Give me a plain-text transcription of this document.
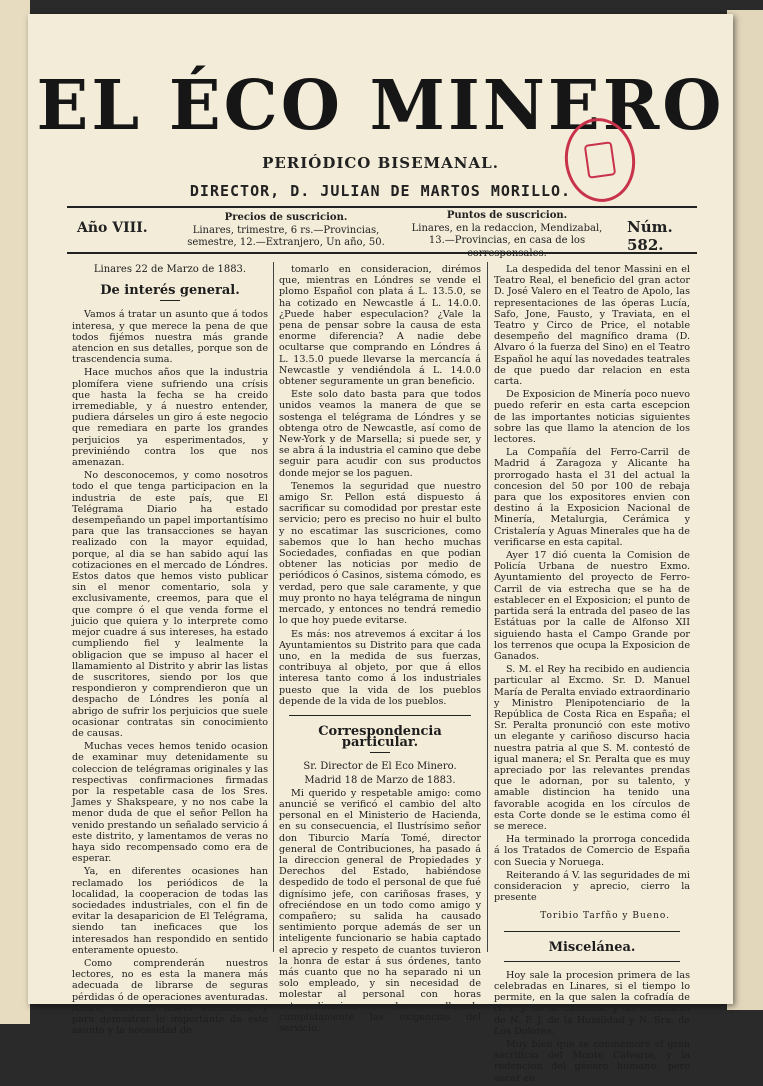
EL ÉCO MINERO
PERIÓDICO BISEMANAL.
DIRECTOR, D. JULIAN DE MARTOS MORILLO.
Año VIII.
Precios de suscricion.
Linares, trimestre, 6 rs.—Provincias, semestre, 12.—Extranjero, Un año, 50.
Puntos de suscricion.
Linares, en la redaccion, Mendizabal, 13.—Provincias, en casa de los corresponsales.
Núm. 582.

Linares 22 de Marzo de 1883.

De interés general.

Vamos á tratar un asunto que á todos interesa, y que merece la pena de que todos fijémos nuestra más grande atencion en sus detalles, porque son de trascendencia suma.

Hace muchos años que la industria plomífera viene sufriendo una crísis que hasta la fecha se ha creido irremediable, y á nuestro entender, pudiera dárseles un giro á este negocio que remediara en parte los grandes perjuicios ya esperimentados, y previniéndo contra los que nos amenazan.

No desconocemos, y como nosotros todo el que tenga participacion en la industria de este país, que El Telégrama Diario ha estado desempeñando un papel importantísimo para que las transacciones se hayan realizado con la mayor equidad, porque, al dia se han sabido aquí las cotizaciones en el mercado de Lóndres. Estos datos que hemos visto publicar sin el menor comentario, sola y exclusivamente, creemos, para que el que compre ó el que venda forme el juicio que quiera y lo interprete como mejor cuadre á sus intereses, ha estado cumpliendo fiel y lealmente la obligacion que se impuso al hacer el llamamiento al Distrito y abrir las listas de suscritores, siendo por los que respondieron y comprendieron que un despacho de Lóndres les ponía al abrigo de sufrir los perjuicios que suele ocasionar contratas sin conocimiento de causas.

Muchas veces hemos tenido ocasion de examinar muy detenidamente su coleccion de telégramas originales y las respectivas confirmaciones firmadas por la respetable casa de los Sres. James y Shakspeare, y no nos cabe la menor duda de que el señor Pellon ha venido prestando un señalado servicio á este distrito, y lamentamos de veras no haya sido recompensado como era de esperar.

Ya, en diferentes ocasiones han reclamado los periódicos de la localidad, la cooperacion de todas las sociedades industriales, con el fin de evitar la desaparicion de El Telégrama, siendo tan ineficaces que los interesados han respondido en sentido enteramente opuesto.

Como comprenderán nuestros lectores, no es esta la manera más adecuada de librarse de seguras pérdidas ó de operaciones aventuradas. Ahora, hacemos nueva escitacion, y para demostrar lo importante de este asunto y la necesidad de

tomarlo en consideracion, dirémos que, mientras en Lóndres se vende el plomo Español con plata á L. 13.5.0, se ha cotizado en Newcastle á L. 14.0.0. ¿Puede haber especulacion? ¿Vale la pena de pensar sobre la causa de esta enorme diferencia? A nadie debe ocultarse que comprando en Lóndres á L. 13.5.0 puede llevarse la mercancía á Newcastle y vendiéndola á L. 14.0.0 obtener seguramente un gran beneficio.

Este solo dato basta para que todos unidos veamos la manera de que se sostenga el telégrama de Lóndres y se obtenga otro de Newcastle, así como de New-York y de Marsella; si puede ser, y se abra á la industria el camino que debe seguir para acudir con sus productos donde mejor se los paguen.

Tenemos la seguridad que nuestro amigo Sr. Pellon está dispuesto á sacrificar su comodidad por prestar este servicio; pero es preciso no huir el bulto y no escatimar las suscriciones, como sabemos que lo han hecho muchas Sociedades, confiadas en que podian obtener las noticias por medio de periódicos ó Casinos, sistema cómodo, es verdad, pero que sale caramente, y que muy pronto no haya telégrama de ningun mercado, y entonces no tendrá remedio lo que hoy puede evitarse.

Es más: nos atrevemos á excitar á los Ayuntamientos su Distrito para que cada uno, en la medida de sus fuerzas, contribuya al objeto, por que á ellos interesa tanto como á los industriales puesto que la vida de los pueblos depende de la vida de los pueblos.

Correspondencia particular.

Sr. Director de El Eco Minero.

Madrid 18 de Marzo de 1883.

Mi querido y respetable amigo: como anuncié se verificó el cambio del alto personal en el Ministerio de Hacienda, en su consecuencia, el Ilustrísimo señor don Tiburcio María Tomé, director general de Contribuciones, ha pasado á la direccion general de Propiedades y Derechos del Estado, habiéndose despedido de todo el personal de que fué dignísimo jefe, con cariñosas frases, y ofreciéndose en un todo como amigo y compañero; su salida ha causado sentimiento porque además de ser un inteligente funcionario se habia captado el aprecio y respeto de cuantos tuvieron la honra de estar á sus órdenes, tanto más cuanto que no ha separado ni un solo empleado, y sin necesidad de molestar al personal con horas extraordinarias, ha llenado cumplidamente las exigencias del servicio.

La despedida del tenor Massini en el Teatro Real, el beneficio del gran actor D. José Valero en el Teatro de Apolo, las representaciones de las óperas Lucía, Safo, Jone, Fausto, y Traviata, en el Teatro y Circo de Price, el notable desempeño del magnífico drama (D. Alvaro ó la fuerza del Sino) en el Teatro Español he aquí las novedades teatrales de que puedo dar relacion en esta carta.

De Exposicion de Minería poco nuevo puedo referir en esta carta escepcion de las importantes noticias siguientes sobre las que llamo la atencion de los lectores.

La Compañía del Ferro-Carril de Madrid á Zaragoza y Alicante ha prorrogado hasta el 31 del actual la concesion del 50 por 100 de rebaja para que los expositores envien con destino á la Exposicion Nacional de Minería, Metalurgia, Cerámica y Cristalería y Aguas Minerales que ha de verificarse en esta capital.

Ayer 17 dió cuenta la Comision de Policía Urbana de nuestro Exmo. Ayuntamiento del proyecto de Ferro-Carril de via estrecha que se ha de establecer en el Exposicion; el punto de partida será la entrada del paseo de las Estátuas por la calle de Alfonso XII siguiendo hasta el Campo Grande por los terrenos que ocupa la Exposicion de Ganados.

S. M. el Rey ha recibido en audiencia particular al Excmo. Sr. D. Manuel María de Peralta enviado extraordinario y Ministro Plenipotenciario de la República de Costa Rica en España; el Sr. Peralta pronunció con este motivo un elegante y cariñoso discurso hacia nuestra patria al que S. M. contestó de igual manera; el Sr. Peralta que es muy apreciado por las relevantes prendas que le adornan, por su talento, y amable distincion ha tenido una favorable acogida en los círculos de esta Corte donde se le estima como él se merece.

Ha terminado la prorroga concedida á los Tratados de Comercio de España con Suecia y Noruega.

Reiterando á V. las seguridades de mi consideracion y aprecio, cierro la presente

Toribio Tarfño y Bueno.

Miscelánea.

Hoy sale la procesion primera de las celebradas en Linares, si el tiempo lo permite, en la que salen la cofradía de N. P. J. de la Columna, y las escuadras de N. P. J. de la Humildad y N. Sra. de Los Dolores.

Muy bien que se conmemore el gran sacrificio del Monte Calvario, y la redencion del género humano; pero sacar en
